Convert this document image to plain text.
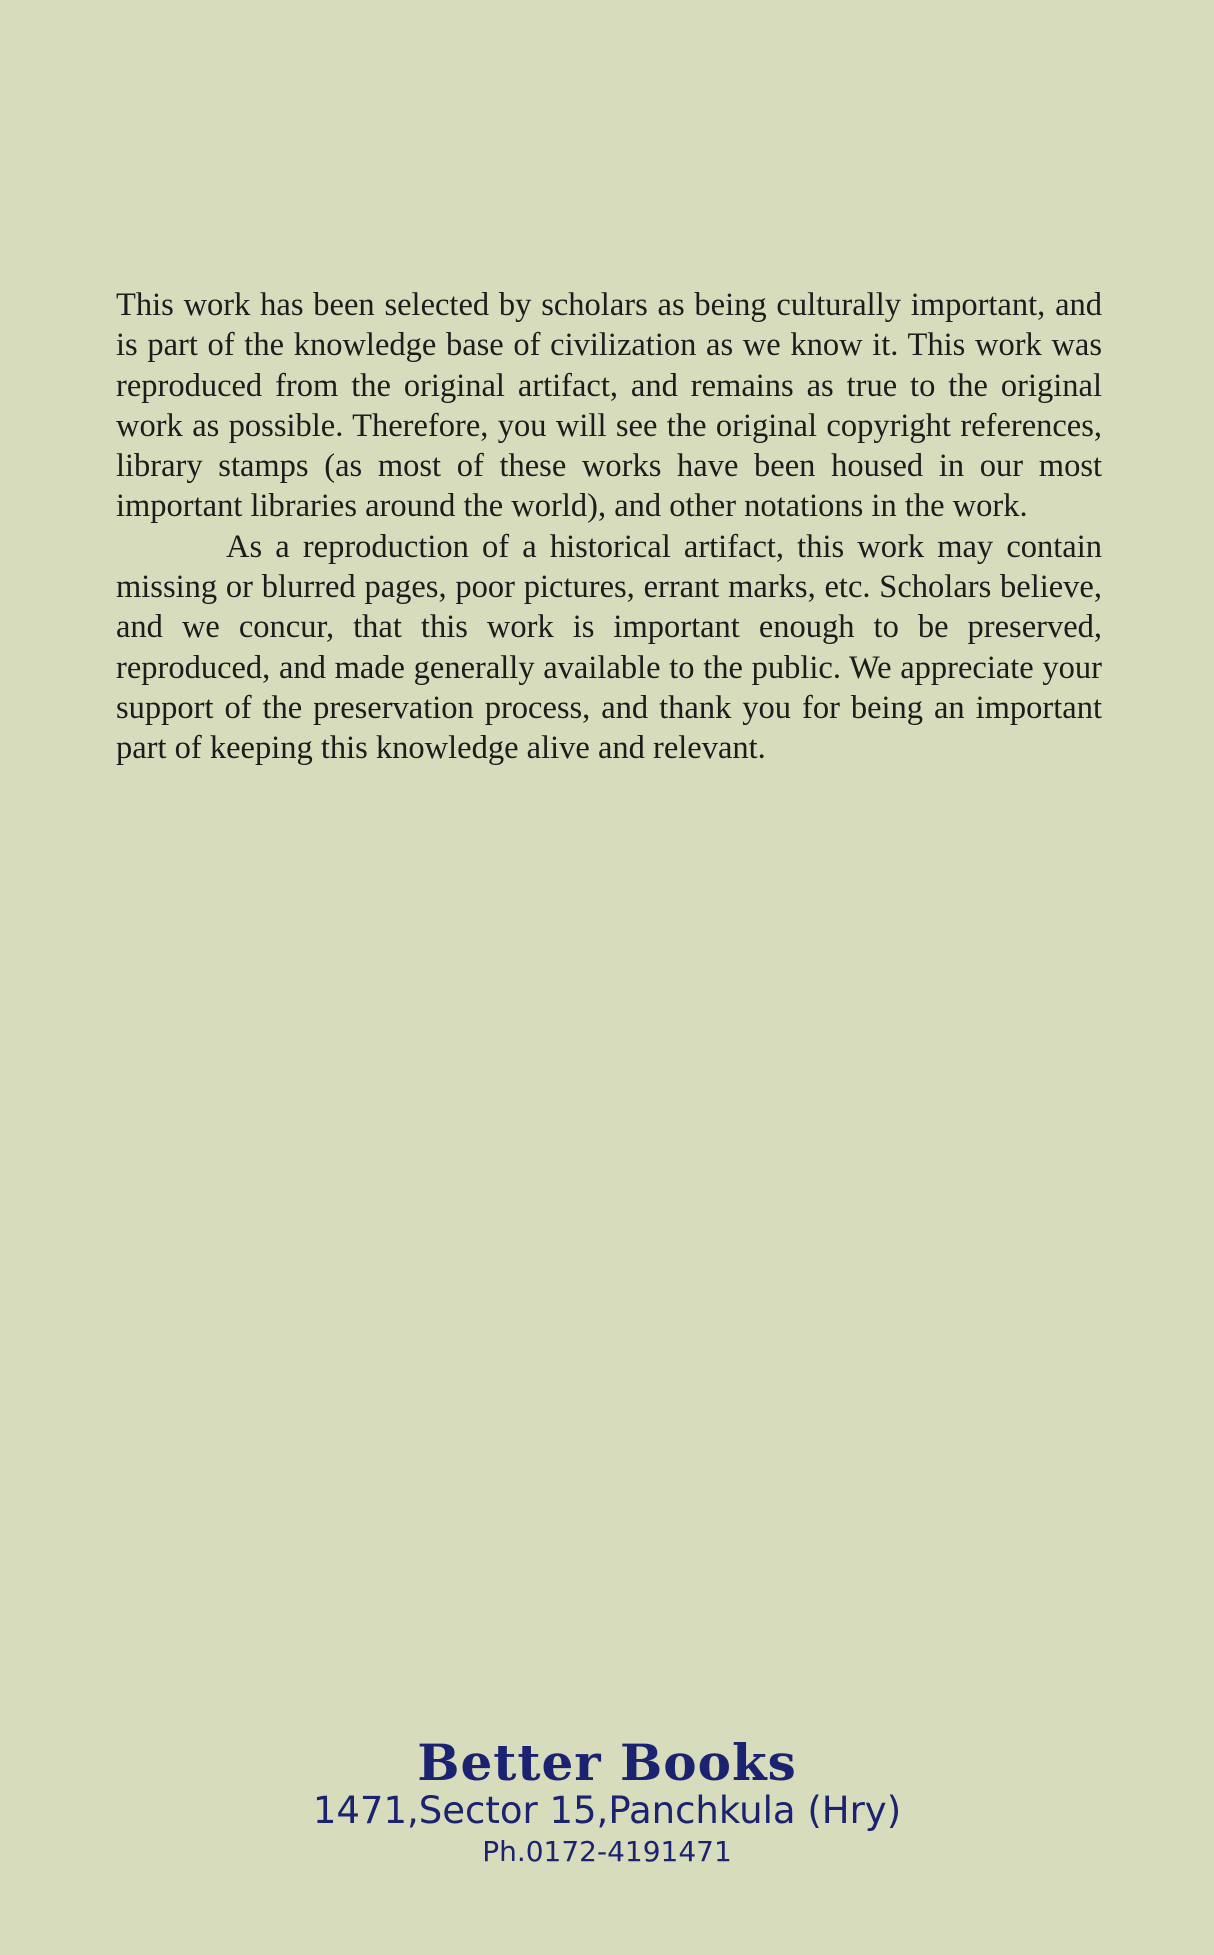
This work has been selected by scholars as being culturally important, and is part of the knowledge base of civilization as we know it. This work was reproduced from the original artifact, and remains as true to the original work as possible. Therefore, you will see the original copyright references, library stamps (as most of these works have been housed in our most important libraries around the world), and other notations in the work.

As a reproduction of a historical artifact, this work may contain missing or blurred pages, poor pictures, errant marks, etc. Scholars believe, and we concur, that this work is important enough to be preserved, reproduced, and made generally available to the public. We appreciate your support of the preservation process, and thank you for being an important part of keeping this knowledge alive and relevant.

Better Books
1471,Sector 15,Panchkula (Hry)
Ph.0172-4191471
